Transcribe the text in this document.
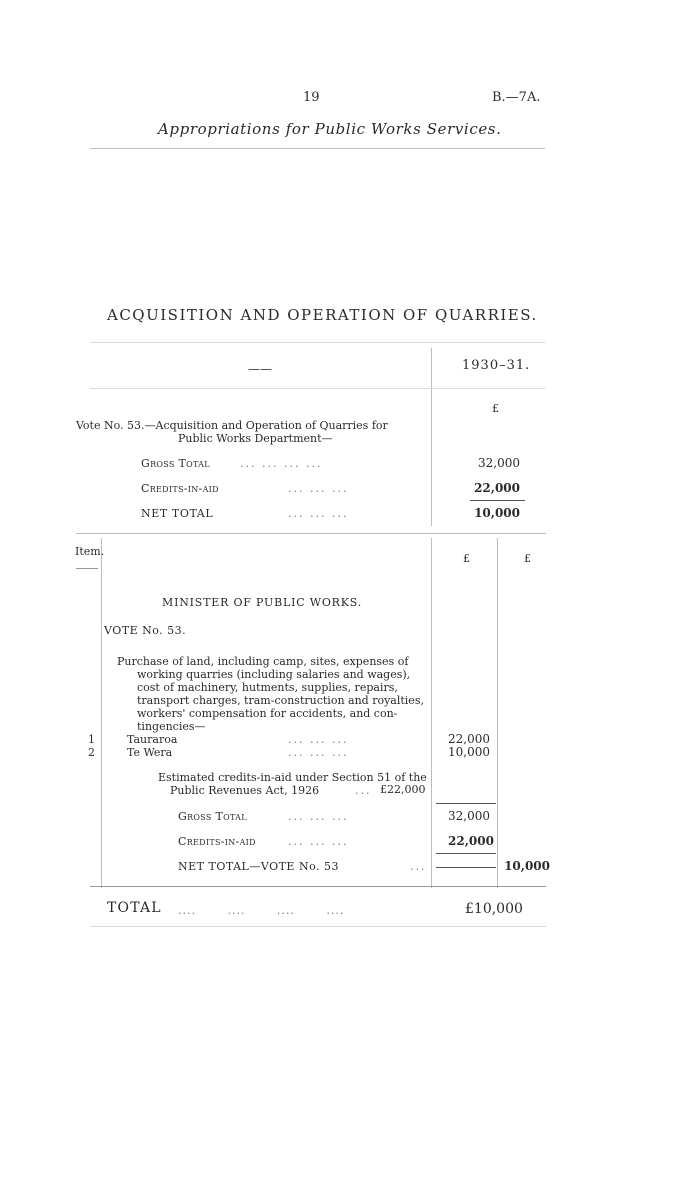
19	B.—7A.
Appropriations for Public Works Services.
ACQUISITION AND OPERATION OF QUARRIES.
——	1930–31.
£
Vote No. 53.—Acquisition and Operation of Quarries for
Public Works Department—
Gross Total	... ... ... ...	32,000
Credits-in-aid	... ... ...	22,000
NET TOTAL	... ... ...	10,000
Item.
£	£
MINISTER OF PUBLIC WORKS.
VOTE No. 53.
Purchase of land, including camp, sites, expenses of
working quarries (including salaries and wages),
cost of machinery, hutments, supplies, repairs,
transport charges, tram-construction and royalties,
workers' compensation for accidents, and con-
tingencies—
1	Tauraroa	... ... ...	22,000
2	Te Wera	... ... ...	10,000
Estimated credits-in-aid under Section 51 of the
Public Revenues Act, 1926	... £22,000
Gross Total	... ... ...	32,000
Credits-in-aid	... ... ...	22,000
NET TOTAL—VOTE No. 53	...	10,000
TOTAL ....       ....       ....       ....	£10,000
